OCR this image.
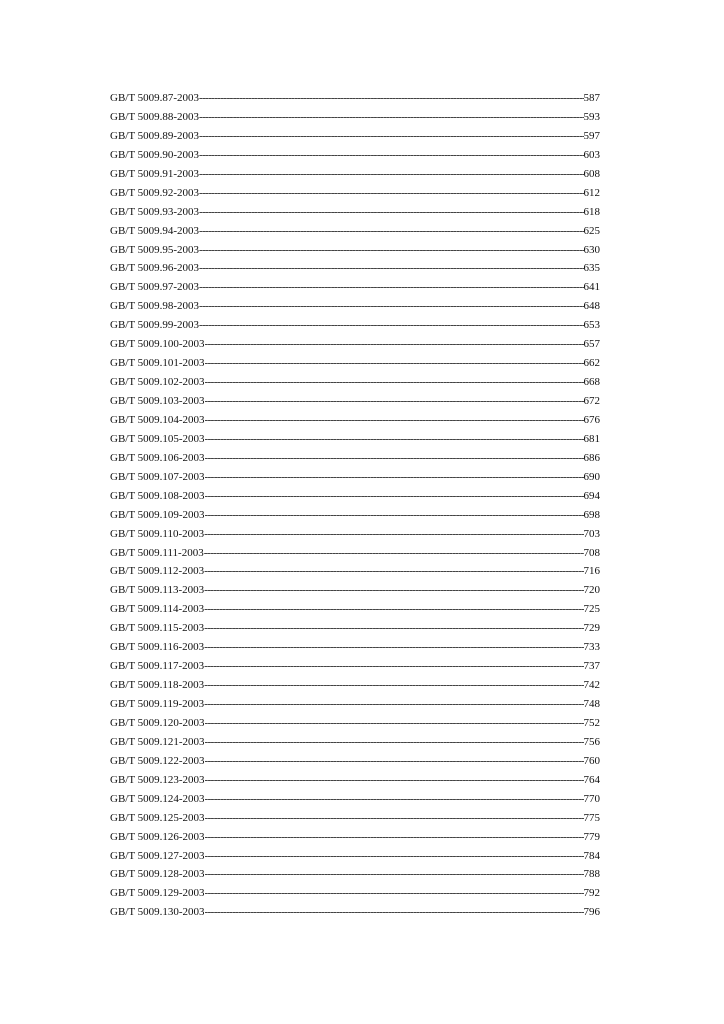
GB/T 5009.87-2003 -----	587
GB/T 5009.88-2003 -----	593
GB/T 5009.89-2003 -----	597
GB/T 5009.90-2003 -----	603
GB/T 5009.91-2003 -----	608
GB/T 5009.92-2003 -----	612
GB/T 5009.93-2003 -----	618
GB/T 5009.94-2003 -----	625
GB/T 5009.95-2003 -----	630
GB/T 5009.96-2003 -----	635
GB/T 5009.97-2003 -----	641
GB/T 5009.98-2003 -----	648
GB/T 5009.99-2003 -----	653
GB/T 5009.100-2003 -----	657
GB/T 5009.101-2003 -----	662
GB/T 5009.102-2003 -----	668
GB/T 5009.103-2003 -----	672
GB/T 5009.104-2003 -----	676
GB/T 5009.105-2003 -----	681
GB/T 5009.106-2003 -----	686
GB/T 5009.107-2003 -----	690
GB/T 5009.108-2003 -----	694
GB/T 5009.109-2003 -----	698
GB/T 5009.110-2003 -----	703
GB/T 5009.111-2003 -----	708
GB/T 5009.112-2003 -----	716
GB/T 5009.113-2003 -----	720
GB/T 5009.114-2003 -----	725
GB/T 5009.115-2003 -----	729
GB/T 5009.116-2003 -----	733
GB/T 5009.117-2003 -----	737
GB/T 5009.118-2003 -----	742
GB/T 5009.119-2003 -----	748
GB/T 5009.120-2003 -----	752
GB/T 5009.121-2003 -----	756
GB/T 5009.122-2003 -----	760
GB/T 5009.123-2003 -----	764
GB/T 5009.124-2003 -----	770
GB/T 5009.125-2003 -----	775
GB/T 5009.126-2003 -----	779
GB/T 5009.127-2003 -----	784
GB/T 5009.128-2003 -----	788
GB/T 5009.129-2003 -----	792
GB/T 5009.130-2003 -----	796
